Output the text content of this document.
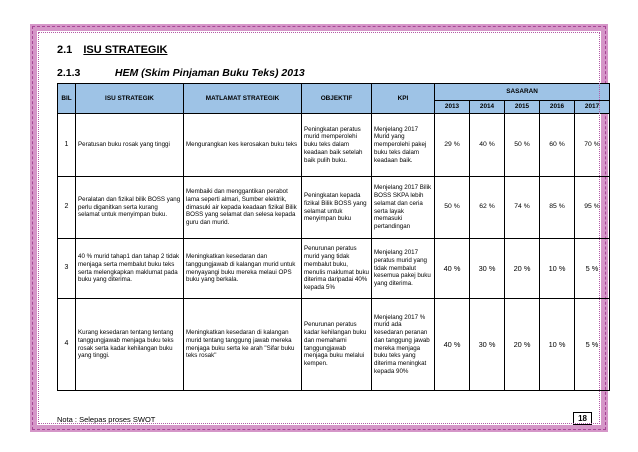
2.1 ISU STRATEGIK
2.1.3	HEM (Skim Pinjaman Buku Teks) 2013
BIL	ISU STRATEGIK	MATLAMAT STRATEGIK	OBJEKTIF	KPI	SASARAN				
					2013	2014	2015	2016	2017
1	Peratusan buku rosak yang tinggi	Mengurangkan kes kerosakan buku teks	Peningkatan peratus murid memperolehi buku teks dalam keadaan baik setelah baik pulih buku.	Menjelang 2017 Murid yang memperolehi pakej buku teks dalam keadaan baik.	29 %	40 %	50 %	60 %	70 %
2	Peralatan dan fizikal bilik BOSS yang perlu diganitkan serta kurang selamat untuk menyimpan buku.	Membaiki dan menggantikan perabot lama seperti almari, Sumber elektrik, dimasuki air kepada keadaan fizikal Bilik BOSS yang selamat dan selesa kepada guru dan murid.	Peningkatan kepada fizikal Bilik BOSS yang selamat untuk menyimpan buku	Menjelang 2017 Bilik BOSS SKPA lebih selamat dan ceria serta layak memasuki pertandingan	50 %	62 %	74 %	85 %	95 %
3	40 % murid tahap1 dan tahap 2 tidak menjaga serta membalut buku teks serta melengkapkan maklumat pada buku yang diterima.	Meningkatkan kesedaran dan tanggungjawab di kalangan murid untuk menyayangi buku mereka melaui OPS buku yang berkala.	Penurunan peratus murid yang tidak membalut buku, menulis maklumat buku diterima daripadai 40% kepada 5%	Menjelang 2017 peratus murid yang tidak membalut kesemua pakej buku yang diterima.	40 %	30 %	20 %	10 %	5 %
4	Kurang kesedaran tentang tentang tanggungjawab menjaga buku teks rosak serta kadar kehilangan buku yang tinggi.	Meningkatkan kesedaran di kalangan murid tentang tanggung jawab mereka menjaga buku serta ke arah "Sifar buku teks rosak"	Penurunan peratus kadar kehilangan buku dan memahami tanggungjawab menjaga buku melalui kempen.	Menjelang 2017 % murid ada kesedaran peranan dan tanggung jawab mereka menjaga buku teks yang diterima meningkat kepada 90%	40 %	30 %	20 %	10 %	5 %
Nota : Selepas proses SWOT	18
